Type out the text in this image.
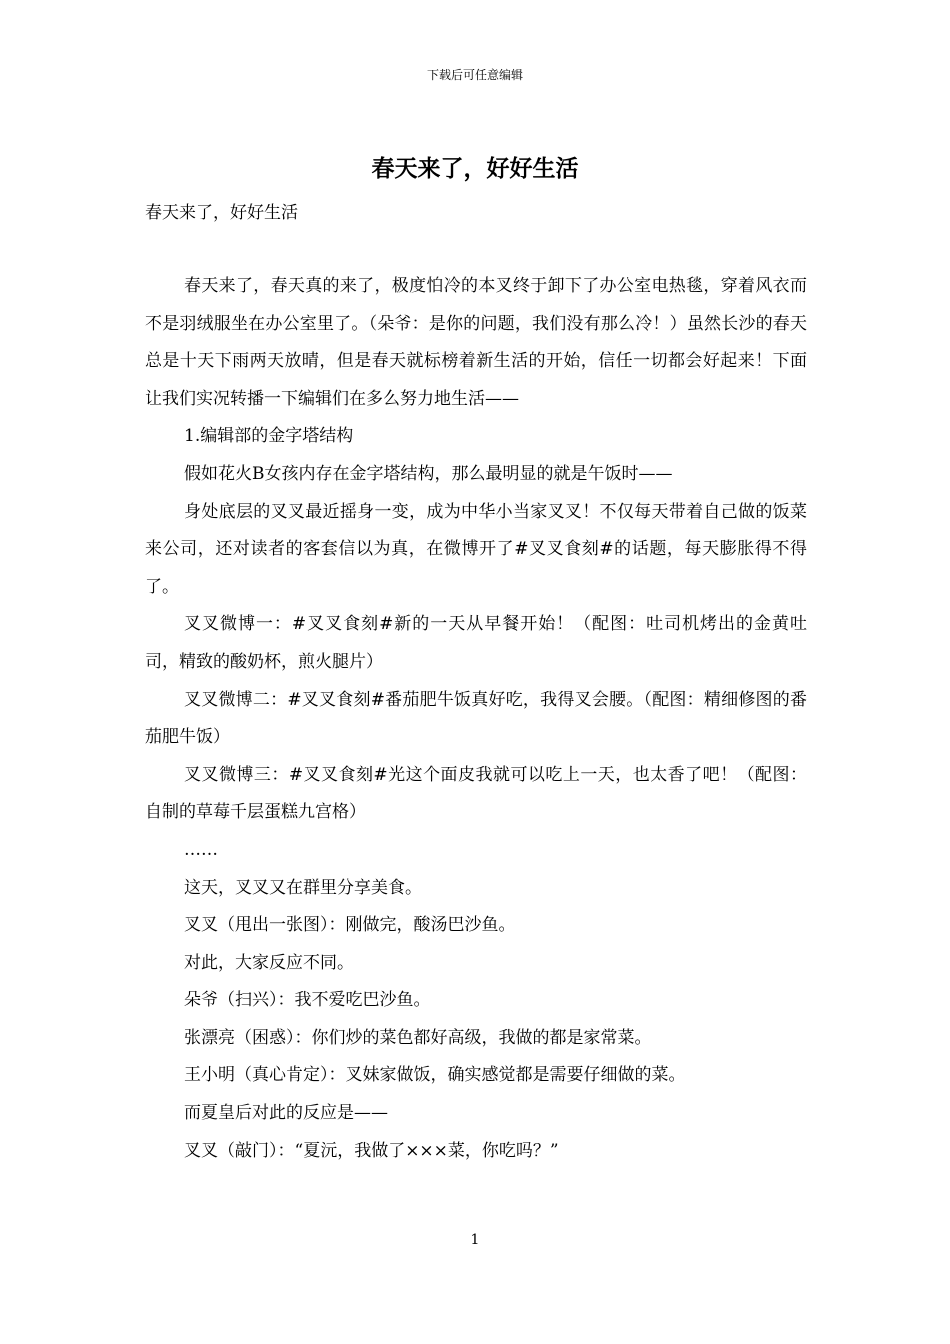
下载后可任意编辑
春天来了，好好生活
春天来了，好好生活

春天来了，春天真的来了，极度怕冷的本叉终于卸下了办公室电热毯，穿着风衣而不是羽绒服坐在办公室里了。（朵爷：是你的问题，我们没有那么冷！）虽然长沙的春天总是十天下雨两天放晴，但是春天就标榜着新生活的开始，信任一切都会好起来！下面让我们实况转播一下编辑们在多么努力地生活——

1.编辑部的金字塔结构

假如花火B女孩内存在金字塔结构，那么最明显的就是午饭时——

身处底层的叉叉最近摇身一变，成为中华小当家叉叉！不仅每天带着自己做的饭菜来公司，还对读者的客套信以为真，在微博开了#叉叉食刻#的话题，每天膨胀得不得了。

叉叉微博一：#叉叉食刻#新的一天从早餐开始！（配图：吐司机烤出的金黄吐司，精致的酸奶杯，煎火腿片）

叉叉微博二：#叉叉食刻#番茄肥牛饭真好吃，我得叉会腰。（配图：精细修图的番茄肥牛饭）

叉叉微博三：#叉叉食刻#光这个面皮我就可以吃上一天，也太香了吧！（配图：自制的草莓千层蛋糕九宫格）

……

这天，叉叉又在群里分享美食。

叉叉（甩出一张图）：刚做完，酸汤巴沙鱼。

对此，大家反应不同。

朵爷（扫兴）：我不爱吃巴沙鱼。

张漂亮（困惑）：你们炒的菜色都好高级，我做的都是家常菜。

王小明（真心肯定）：叉妹家做饭，确实感觉都是需要仔细做的菜。

而夏皇后对此的反应是——

叉叉（敲门）：“夏沅，我做了×××菜，你吃吗？”

1
